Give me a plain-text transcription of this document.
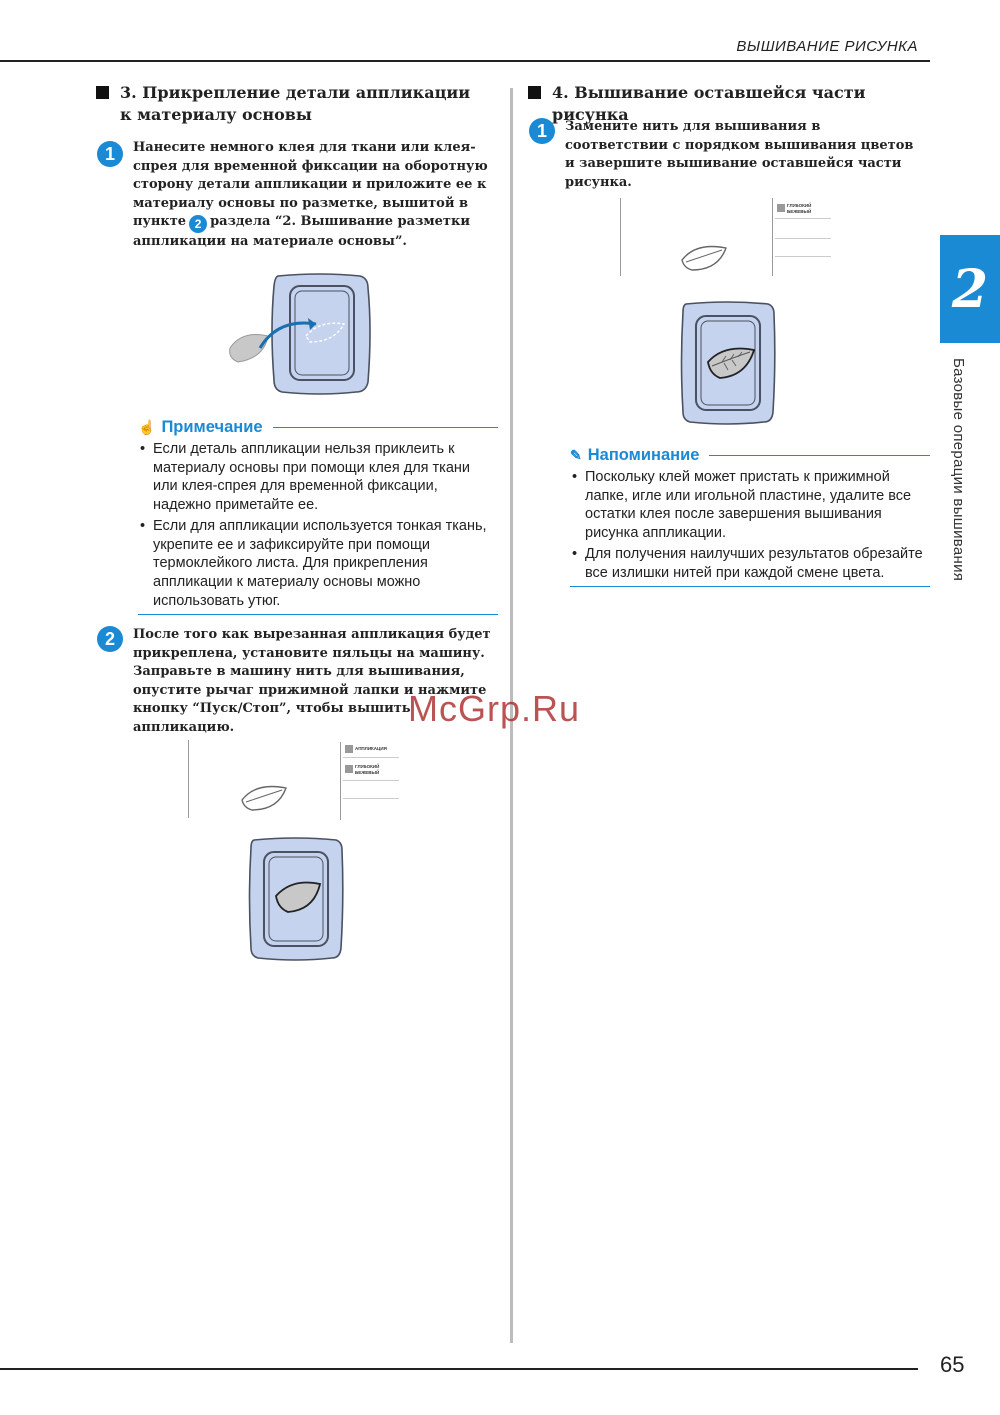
ВЫШИВАНИЕ РИСУНКА
2
Базовые операции вышивания
3. Прикрепление детали аппликации к материалу основы
1	Нанесите немного клея для ткани или клея-спрея для временной фиксации на оборотную сторону детали аппликации и приложите ее к материалу основы по разметке, вышитой в пункте 2 раздела “2. Вышивание разметки аппликации на материале основы”.
☝ Примечание
• Если деталь аппликации нельзя приклеить к материалу основы при помощи клея для ткани или клея-спрея для временной фиксации, надежно приметайте ее.
• Если для аппликации используется тонкая ткань, укрепите ее и зафиксируйте при помощи термоклейкого листа. Для прикрепления аппликации к материалу основы можно использовать утюг.
2	После того как вырезанная аппликация будет прикреплена, установите пяльцы на машину. Заправьте в машину нить для вышивания, опустите рычаг прижимной лапки и нажмите кнопку “Пуск/Стоп”, чтобы вышить аппликацию.
АППЛИКАЦИЯ
ГЛУБОКИЙ
БЕЖЕВЫЙ
4. Вышивание оставшейся части рисунка
1	Замените нить для вышивания в соответствии с порядком вышивания цветов и завершите вышивание оставшейся части рисунка.
ГЛУБОКИЙ
БЕЖЕВЫЙ
✎ Напоминание
• Поскольку клей может пристать к прижимной лапке, игле или игольной пластине, удалите все остатки клея после завершения вышивания рисунка аппликации.
• Для получения наилучших результатов обрезайте все излишки нитей при каждой смене цвета.
McGrp.Ru
65
